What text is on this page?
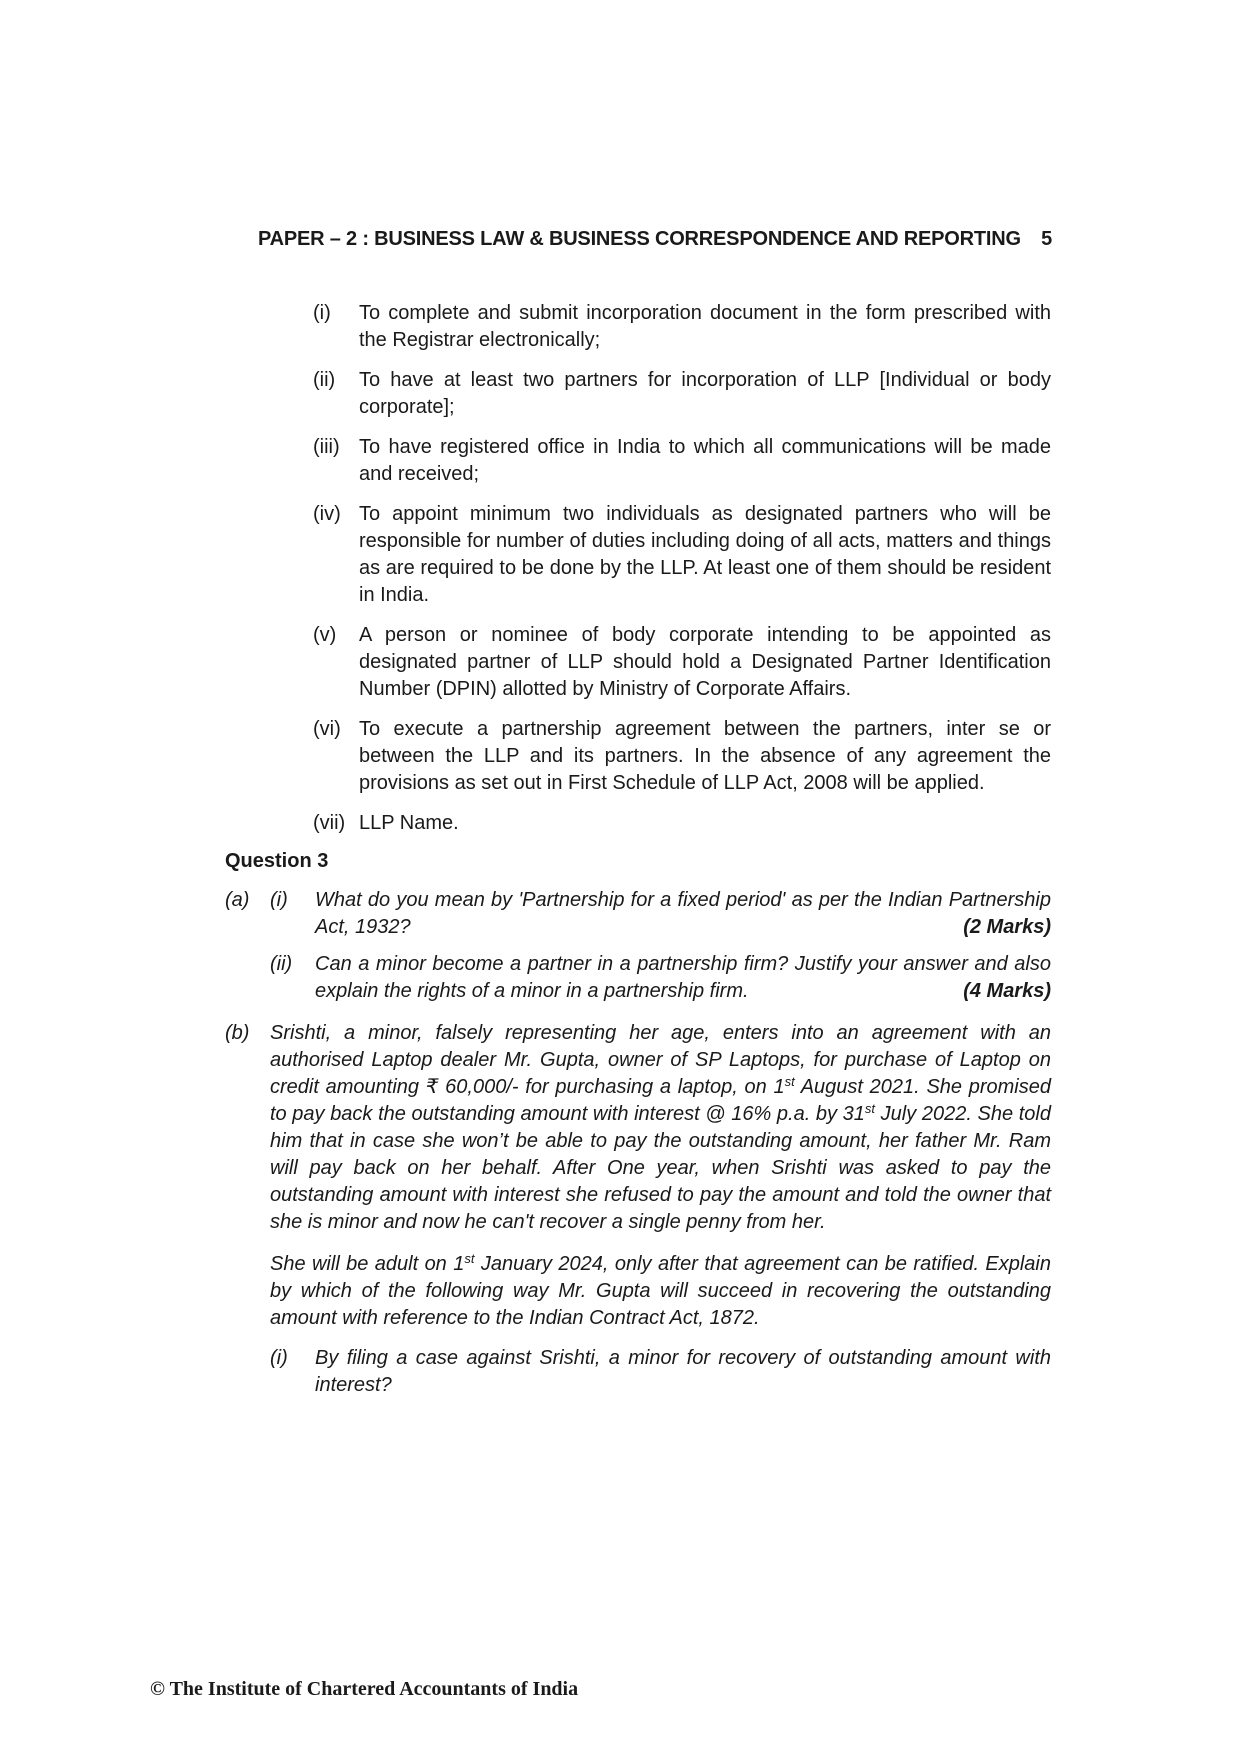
PAPER – 2 : BUSINESS LAW & BUSINESS CORRESPONDENCE AND REPORTING 5
(i) To complete and submit incorporation document in the form prescribed with the Registrar electronically;
(ii) To have at least two partners for incorporation of LLP [Individual or body corporate];
(iii) To have registered office in India to which all communications will be made and received;
(iv) To appoint minimum two individuals as designated partners who will be responsible for number of duties including doing of all acts, matters and things as are required to be done by the LLP. At least one of them should be resident in India.
(v) A person or nominee of body corporate intending to be appointed as designated partner of LLP should hold a Designated Partner Identification Number (DPIN) allotted by Ministry of Corporate Affairs.
(vi) To execute a partnership agreement between the partners, inter se or between the LLP and its partners. In the absence of any agreement the provisions as set out in First Schedule of LLP Act, 2008 will be applied.
(vii) LLP Name.
Question 3
(a) (i) What do you mean by 'Partnership for a fixed period' as per the Indian Partnership Act, 1932?	(2 Marks)
(ii) Can a minor become a partner in a partnership firm? Justify your answer and also explain the rights of a minor in a partnership firm.	(4 Marks)
(b) Srishti, a minor, falsely representing her age, enters into an agreement with an authorised Laptop dealer Mr. Gupta, owner of SP Laptops, for purchase of Laptop on credit amounting ₹ 60,000/- for purchasing a laptop, on 1st August 2021. She promised to pay back the outstanding amount with interest @ 16% p.a. by 31st July 2022. She told him that in case she won’t be able to pay the outstanding amount, her father Mr. Ram will pay back on her behalf. After One year, when Srishti was asked to pay the outstanding amount with interest she refused to pay the amount and told the owner that she is minor and now he can't recover a single penny from her.
She will be adult on 1st January 2024, only after that agreement can be ratified. Explain by which of the following way Mr. Gupta will succeed in recovering the outstanding amount with reference to the Indian Contract Act, 1872.
(i) By filing a case against Srishti, a minor for recovery of outstanding amount with interest?
© The Institute of Chartered Accountants of India
